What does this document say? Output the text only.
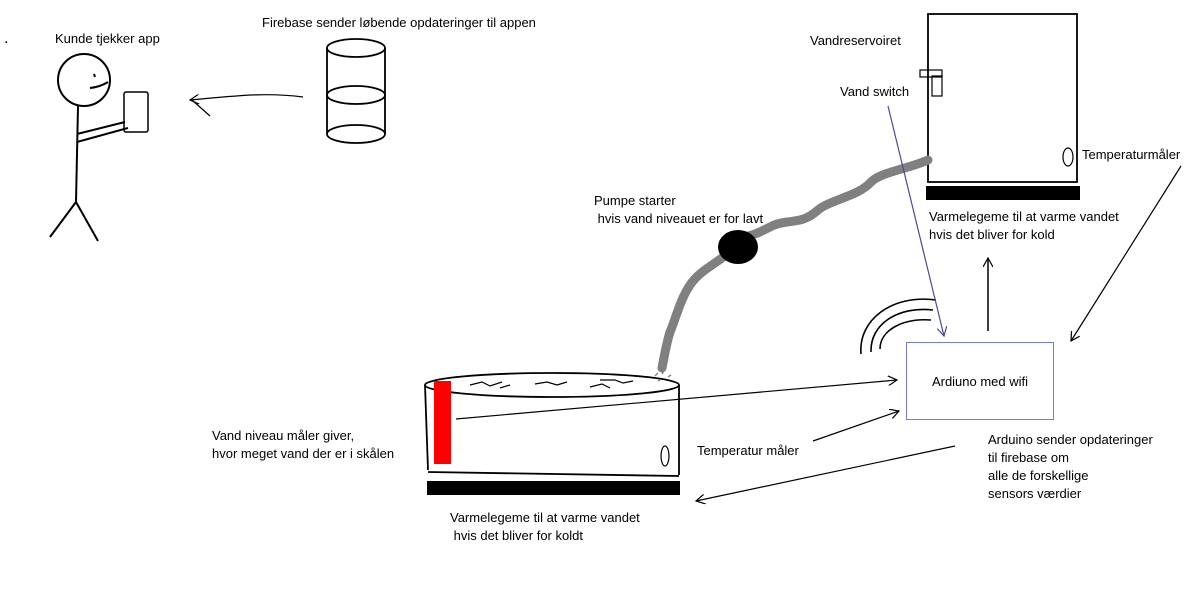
.	Kunde tjekker app
Firebase sender løbende opdateringer til appen
Vandreservoiret
Vand switch
Temperaturmåler
Varmelegeme til at varme vandet
hvis det bliver for kold
Pumpe starter
hvis vand niveauet er for lavt
Ardiuno med wifi
Arduino sender opdateringer
til firebase om
alle de forskellige
sensors værdier
Vand niveau måler giver,
hvor meget vand der er i skålen	Temperatur måler
Varmelegeme til at varme vandet
hvis det bliver for koldt
